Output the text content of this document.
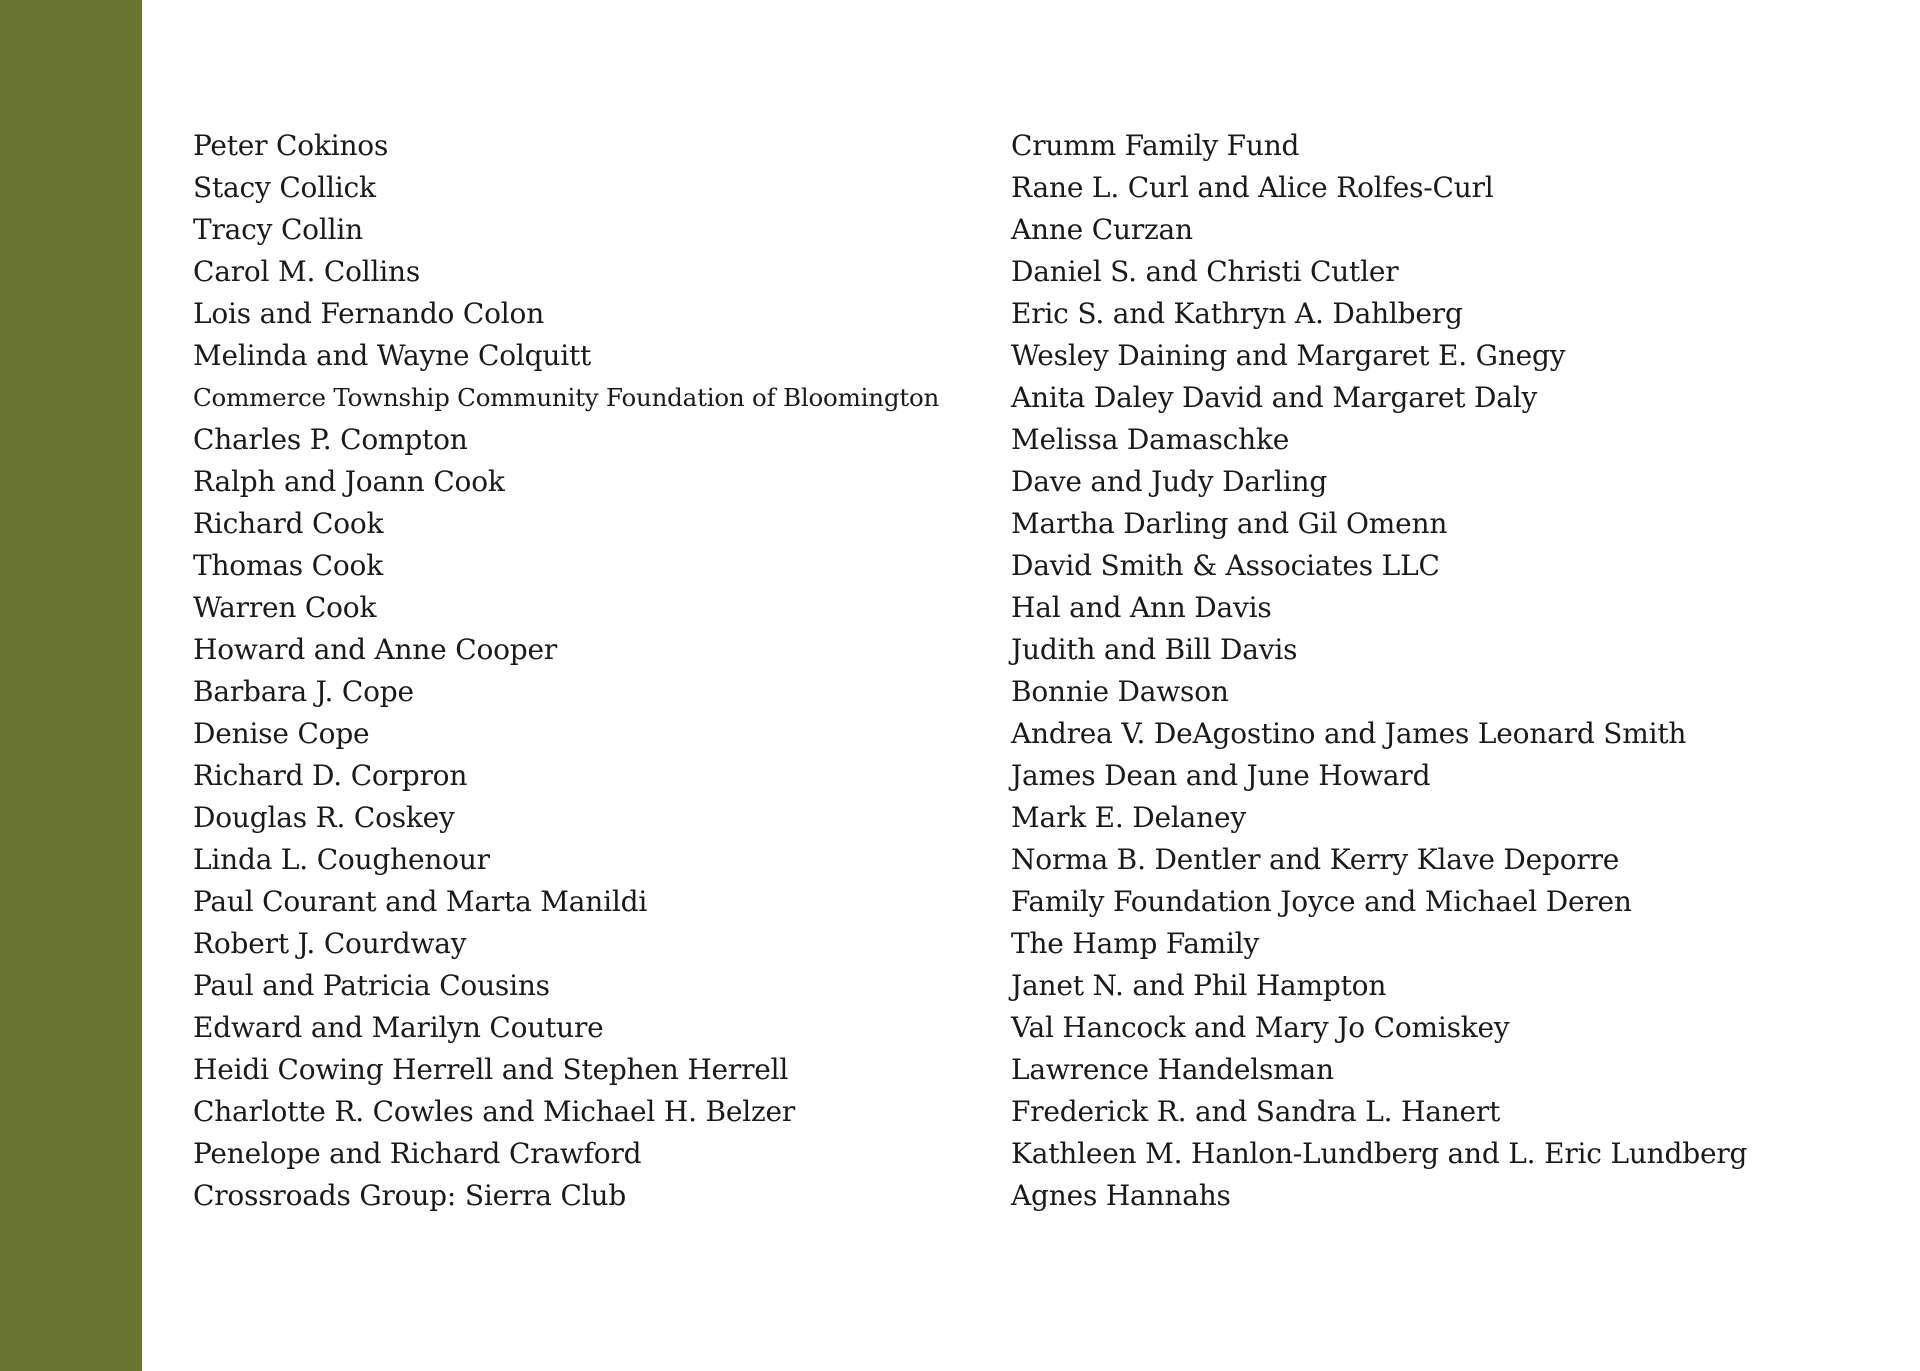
Peter Cokinos
Stacy Collick
Tracy Collin
Carol M. Collins
Lois and Fernando Colon
Melinda and Wayne Colquitt
Commerce Township Community Foundation of Bloomington
Charles P. Compton
Ralph and Joann Cook
Richard Cook
Thomas Cook
Warren Cook
Howard and Anne Cooper
Barbara J. Cope
Denise Cope
Richard D. Corpron
Douglas R. Coskey
Linda L. Coughenour
Paul Courant and Marta Manildi
Robert J. Courdway
Paul and Patricia Cousins
Edward and Marilyn Couture
Heidi Cowing Herrell and Stephen Herrell
Charlotte R. Cowles and Michael H. Belzer
Penelope and Richard Crawford
Crossroads Group: Sierra Club
Crumm Family Fund
Rane L. Curl and Alice Rolfes-Curl
Anne Curzan
Daniel S. and Christi Cutler
Eric S. and Kathryn A. Dahlberg
Wesley Daining and Margaret E. Gnegy
Anita Daley David and Margaret Daly
Melissa Damaschke
Dave and Judy Darling
Martha Darling and Gil Omenn
David Smith & Associates LLC
Hal and Ann Davis
Judith and Bill Davis
Bonnie Dawson
Andrea V. DeAgostino and James Leonard Smith
James Dean and June Howard
Mark E. Delaney
Norma B. Dentler and Kerry Klave Deporre
Family Foundation Joyce and Michael Deren
The Hamp Family
Janet N. and Phil Hampton
Val Hancock and Mary Jo Comiskey
Lawrence Handelsman
Frederick R. and Sandra L. Hanert
Kathleen M. Hanlon-Lundberg and L. Eric Lundberg
Agnes Hannahs
